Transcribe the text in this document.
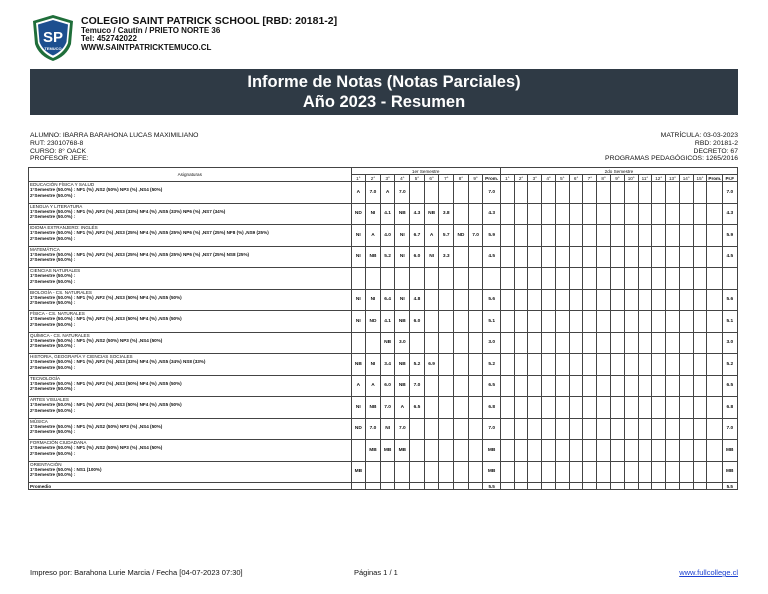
SP
TEMUCO
COLEGIO SAINT PATRICK SCHOOL [RBD: 20181-2]
Temuco / Cautín / PRIETO NORTE 36
Tel: 452742022
WWW.SAINTPATRICKTEMUCO.CL
Informe de Notas (Notas Parciales)
Año 2023 - Resumen
ALUMNO: IBARRA BARAHONA LUCAS MAXIMILIANO
RUT: 23010768-8
CURSO: 8° OACK
PROFESOR JEFE:
MATRÍCULA: 03-03-2023
RBD: 20181-2
DECRETO: 67
PROGRAMAS PEDAGÓGICOS: 1265/2016
Asignaturas	1er Semestre										2do Semestre																
	1°	2°	3°	4°	5°	6°	7°	8°	9°	Prom.	1°	2°	3°	4°	5°	6°	7°	8°	9°	10°	11°	12°	13°	14°	15°	Prom.	Pr.F

EDUCACIÓN FÍSICA Y SALUD
1°Semestre (50.0%) : NF1 (%) ,NS2 (50%) NP3 (%) ,NS4 (50%)
2°Semestre (50.0%) :	A	7.0	A	7.0						7.0																	7.0

LENGUA Y LITERATURA
1°Semestre (50.0%) : NF1 (%) ,NF2 (%) ,NS3 (33%) NF4 (%) ,NS5 (33%) NP6 (%) ,NS7 (34%)
2°Semestre (50.0%) :	ND	NI	4.1	NB	4.3	NB	3.8			4.3																	4.3

IDIOMA EXTRANJERO: INGLÉS
1°Semestre (50.0%) : NF1 (%) ,NF2 (%) ,NS3 (25%) NF4 (%) ,NS5 (25%) NP6 (%) ,NS7 (25%) NF8 (%) ,NS9 (25%)
2°Semestre (50.0%) :	NI	A	4.0	NI	6.7	A	5.7	ND	7.0	5.9																	5.9

MATEMÁTICA
1°Semestre (50.0%) : NF1 (%) ,NF2 (%) ,NS3 (25%) NF4 (%) ,NS5 (25%) NP6 (%) ,NS7 (25%) NS8 (25%)
2°Semestre (50.0%) :	NI	NB	5.2	NI	6.0	NI	3.3			4.5																	4.5

CIENCIAS NATURALES
1°Semestre (50.0%) :
2°Semestre (50.0%) :																											

BIOLOGÍA - CS. NATURALES
1°Semestre (50.0%) : NF1 (%) ,NF2 (%) ,NS3 (50%) NF4 (%) ,NS5 (50%)
2°Semestre (50.0%) :	NI	NI	6.4	NI	4.8					5.6																	5.6

FÍSICA - CS. NATURALES
1°Semestre (50.0%) : NF1 (%) ,NF2 (%) ,NS3 (50%) NF4 (%) ,NS5 (50%)
2°Semestre (50.0%) :	NI	ND	4.1	NB	6.0					5.1																	5.1

QUÍMICA - CS. NATURALES
1°Semestre (50.0%) : NF1 (%) ,NS2 (50%) NP3 (%) ,NS4 (50%)
2°Semestre (50.0%) :			NB	3.0						3.0																	3.0

HISTORIA, GEOGRAFÍA Y CIENCIAS SOCIALES
1°Semestre (50.0%) : NF1 (%) ,NF2 (%) ,NS3 (33%) NF4 (%) ,NS5 (34%) NS8 (33%)
2°Semestre (50.0%) :	NB	NI	3.4	NB	5.2	6.9				5.2																	5.2

TECNOLOGÍA
1°Semestre (50.0%) : NF1 (%) ,NF2 (%) ,NS3 (50%) NF4 (%) ,NS5 (50%)
2°Semestre (50.0%) :	A	A	6.0	NB	7.0					6.5																	6.5

ARTES VISUALES
1°Semestre (50.0%) : NF1 (%) ,NF2 (%) ,NS3 (50%) NF4 (%) ,NS5 (50%)
2°Semestre (50.0%) :	NI	NB	7.0	A	6.5					6.8																	6.8

MÚSICA
1°Semestre (50.0%) : NF1 (%) ,NS2 (50%) NP3 (%) ,NS4 (50%)
2°Semestre (50.0%) :	ND	7.0	NI	7.0						7.0																	7.0

FORMACIÓN CIUDADANA
1°Semestre (50.0%) : NF1 (%) ,NS2 (50%) NP3 (%) ,NS4 (50%)
2°Semestre (50.0%) :		MB	MB	MB						MB																	MB

ORIENTACIÓN
1°Semestre (50.0%) : NS1 (100%)
2°Semestre (50.0%) :	MB									MB																	MB
Promedio										5.5																	5.5
Impreso por: Barahona Lurie Marcia / Fecha [04-07-2023 07:30]	Páginas 1 / 1	www.fullcollege.cl
